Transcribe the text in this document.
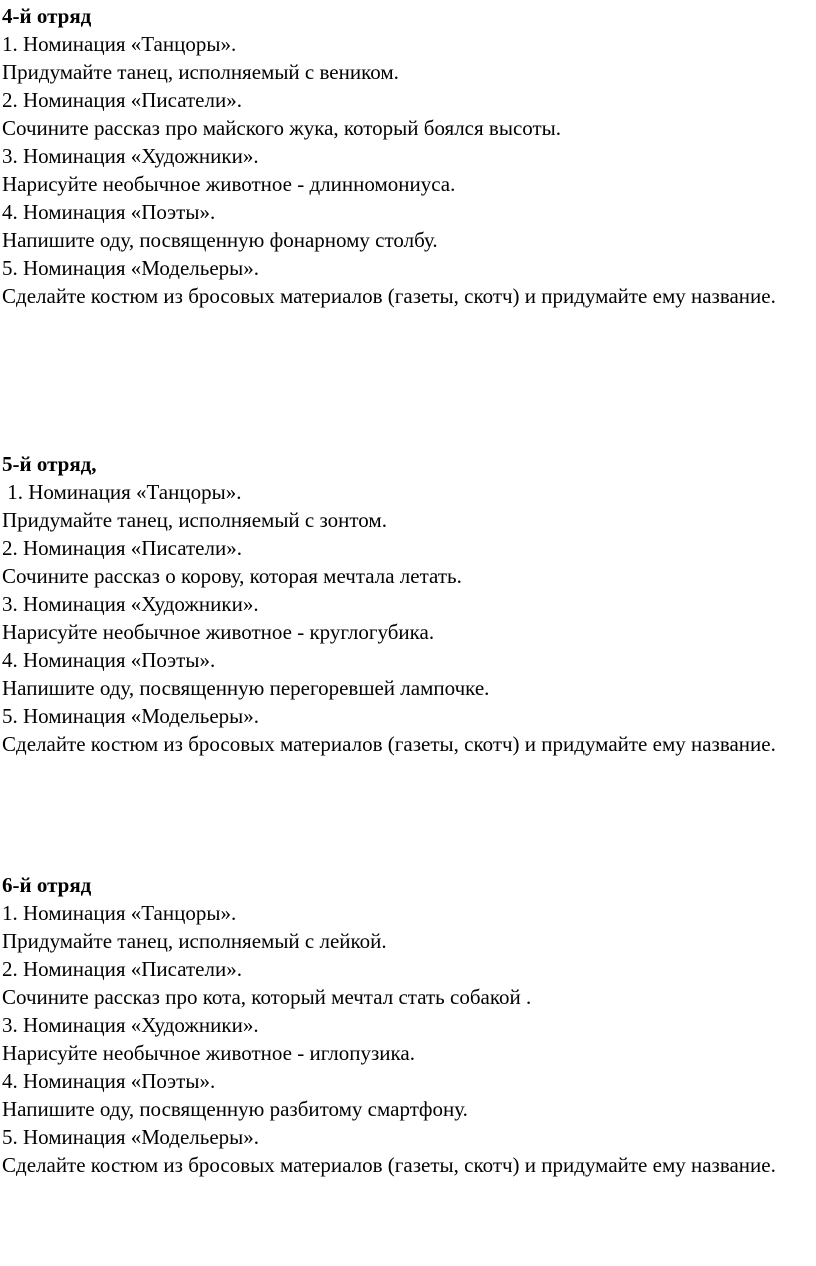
4-й отряд
1. Номинация «Танцоры».
Придумайте танец, исполняемый с веником.
2. Номинация «Писатели».
Сочините рассказ про майского жука, который боялся высоты.
3. Номинация «Художники».
Нарисуйте необычное животное - длинномониуса.
4. Номинация «Поэты».
Напишите оду, посвященную фонарному столбу.
5. Номинация «Модельеры».
Сделайте костюм из бросовых материалов (газеты, скотч) и придумайте ему название.
5-й отряд,
1. Номинация «Танцоры».
Придумайте танец, исполняемый с зонтом.
2. Номинация «Писатели».
Сочините рассказ о корову, которая мечтала летать.
3. Номинация «Художники».
Нарисуйте необычное животное - круглогубика.
4. Номинация «Поэты».
Напишите оду, посвященную перегоревшей лампочке.
5. Номинация «Модельеры».
Сделайте костюм из бросовых материалов (газеты, скотч) и придумайте ему название.
6-й отряд
1. Номинация «Танцоры».
Придумайте танец, исполняемый с лейкой.
2. Номинация «Писатели».
Сочините рассказ про кота, который мечтал стать собакой .
3. Номинация «Художники».
Нарисуйте необычное животное - иглопузика.
4. Номинация «Поэты».
Напишите оду, посвященную разбитому смартфону.
5. Номинация «Модельеры».
Сделайте костюм из бросовых материалов (газеты, скотч) и придумайте ему название.
